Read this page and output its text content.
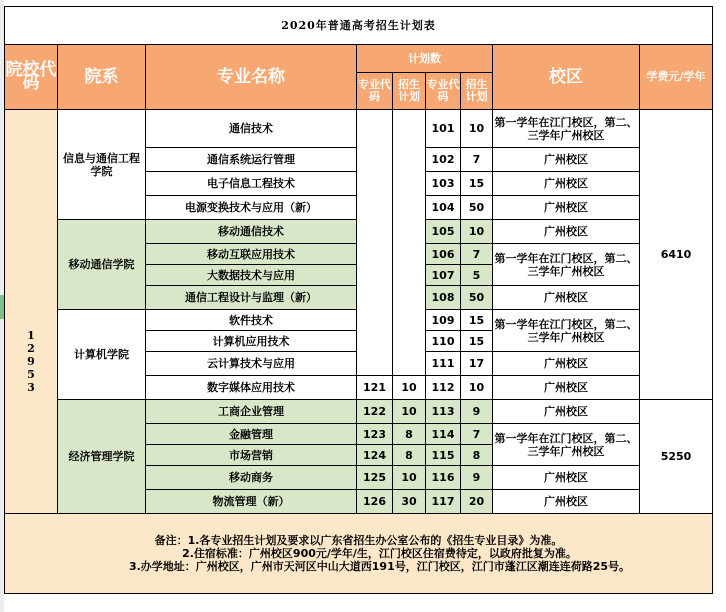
2020年普通高考招生计划表								
院校代码	院系	专业名称	计划数				校区	学费元/学年
			专业代码	招生计划	专业代码	招生计划		

1
2
9
5
3	信息与通信工程学院	通信技术			101	10	第一学年在江门校区，第二、三学年广州校区	6410
		通信系统运行管理			102	7	广州校区	
		电子信息工程技术			103	15	广州校区	
		电源变换技术与应用（新）			104	50	广州校区	
	移动通信学院	移动通信技术			105	10	广州校区	
		移动互联应用技术			106	7	第一学年在江门校区，第二、三学年广州校区	
		大数据技术与应用			107	5		
		通信工程设计与监理（新）			108	50	广州校区	
	计算机学院	软件技术			109	15	第一学年在江门校区，第二、三学年广州校区	
		计算机应用技术			110	15		
		云计算技术与应用			111	17	广州校区	
		数字媒体应用技术	121	10	112	10	广州校区	
	经济管理学院	工商企业管理	122	10	113	9	广州校区	5250
		金融管理	123	8	114	7	第一学年在江门校区，第二、三学年广州校区	
		市场营销	124	8	115	8		
		移动商务	125	10	116	9	广州校区	
		物流管理（新）	126	30	117	20	广州校区	

备注：1.各专业招生计划及要求以广东省招生办公室公布的《招生专业目录》为准。
2.住宿标准：广州校区900元/学年/生，江门校区住宿费待定，以政府批复为准。
3.办学地址：广州校区，广州市天河区中山大道西191号，江门校区，江门市蓬江区潮连连荷路25号。								
